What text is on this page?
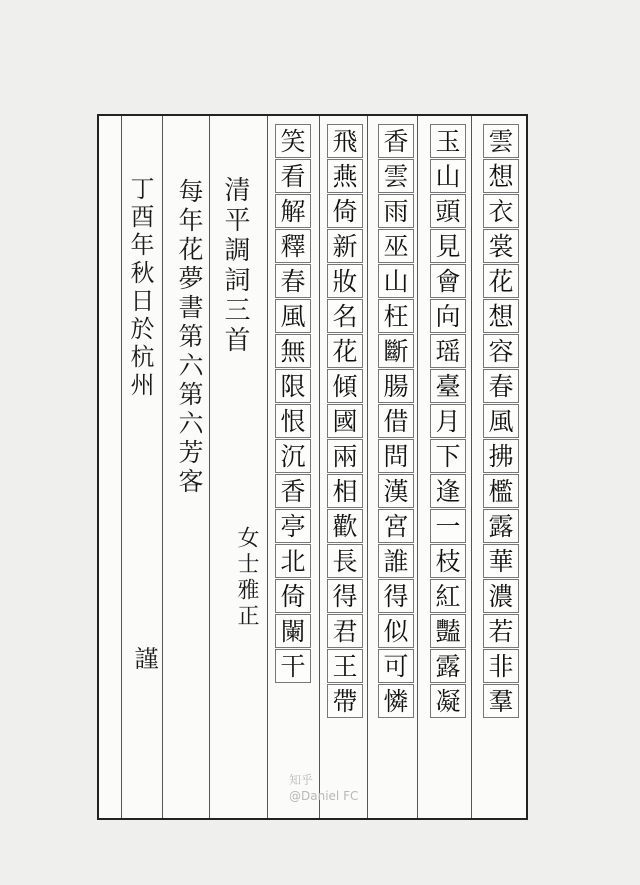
雲
想
衣
裳
花
想
容
春
風
拂
檻
露
華
濃
若
非
羣
玉
山
頭
見
會
向
瑶
臺
月
下
逢
一
枝
紅
豔
露
凝
香
雲
雨
巫
山
枉
斷
腸
借
問
漢
宮
誰
得
似
可
憐
飛
燕
倚
新
妝
名
花
傾
國
兩
相
歡
長
得
君
王
帶
笑
看
解
釋
春
風
無
限
恨
沉
香
亭
北
倚
闌
干
清平調詞三首
女士雅正
每年花夢書第六第六芳客
丁酉年秋日於杭州
謹
知乎
@Daniel FC
